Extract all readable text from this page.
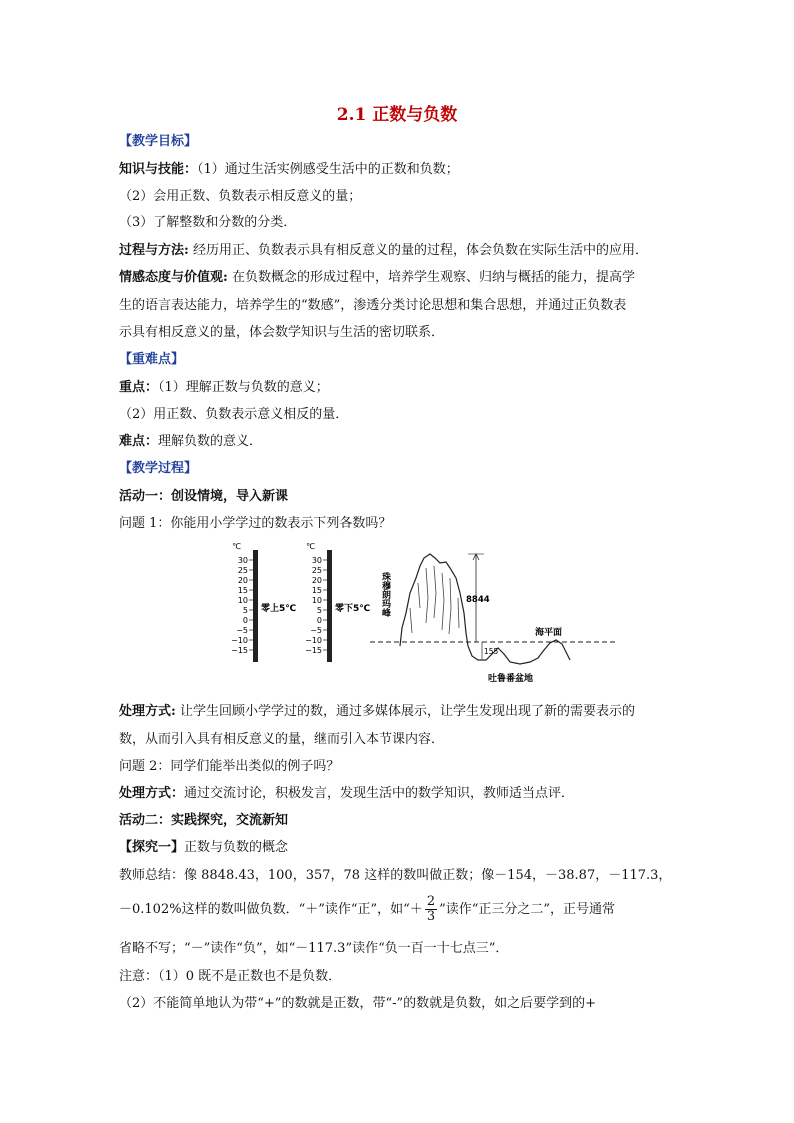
2.1 正数与负数
【教学目标】
知识与技能：（1）通过生活实例感受生活中的正数和负数；
（2）会用正数、负数表示相反意义的量；
（3）了解整数和分数的分类．
过程与方法: 经历用正、负数表示具有相反意义的量的过程，体会负数在实际生活中的应用．
情感态度与价值观: 在负数概念的形成过程中，培养学生观察、归纳与概括的能力，提高学
生的语言表达能力，培养学生的“数感”，渗透分类讨论思想和集合思想，并通过正负数表
示具有相反意义的量，体会数学知识与生活的密切联系．
【重难点】
重点：（1）理解正数与负数的意义；
（2）用正数、负数表示意义相反的量．
难点：理解负数的意义．
【教学过程】
活动一：创设情境，导入新课
问题 1：你能用小学学过的数表示下列各数吗？
℃
30
25
20
15
10
5
0
−5
−10
−15
零上5℃
℃
30
25
20
15
10
5
0
−5
−10
−15
零下5℃ 珠穆朗玛峰	8844
155
海平面
吐鲁番盆地
处理方式: 让学生回顾小学学过的数，通过多媒体展示，让学生发现出现了新的需要表示的
数，从而引入具有相反意义的量，继而引入本节课内容．
问题 2：同学们能举出类似的例子吗？
处理方式：通过交流讨论，积极发言，发现生活中的数学知识，教师适当点评．
活动二：实践探究，交流新知
【探究一】正数与负数的概念
教师总结：像 8848.43，100，357，78 这样的数叫做正数；像－154，－38.87，－117.3，
－0.102%这样的数叫做负数．“＋”读作“正”，如“＋ $\frac{2}{3}$ ”读作“正三分之二”，正号通常
省略不写；“－”读作“负”，如“－117.3”读作“负一百一十七点三”．
注意：（1）0 既不是正数也不是负数．
（2）不能简单地认为带“+”的数就是正数，带“-”的数就是负数，如之后要学到的+
